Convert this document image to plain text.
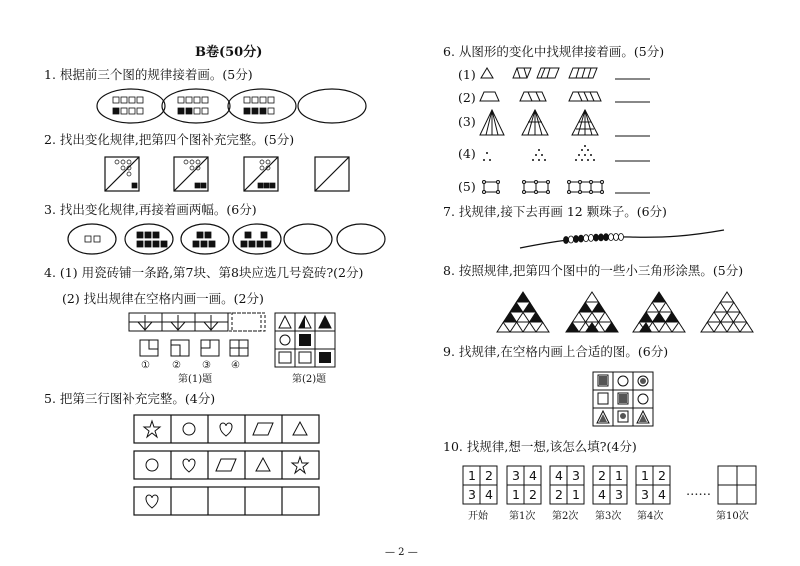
B卷(50分)
1. 根据前三个图的规律接着画。(5分)
2. 找出变化规律,把第四个图补充完整。(5分)
3. 找出变化规律,再接着画两幅。(6分)
4. (1) 用瓷砖铺一条路,第7块、第8块应选几号瓷砖?(2分)
(2) 找出规律在空格内画一画。(2分)
5. 把第三行图补充完整。(4分)
① ② ③ ④
第(1)题	第(2)题
6. 从图形的变化中找规律接着画。(5分)
(1)
(2)
(3)
(4)
(5)
7. 找规律,接下去再画 12 颗珠子。(6分)
8. 按照规律,把第四个图中的一些小三角形涂黑。(5分)
9. 找规律,在空格内画上合适的图。(6分)
10. 找规律,想一想,该怎么填?(4分)
开始 第1次 第2次 第3次 第4次
……
第10次
— 2 —
1 2
3 4
3 4
1 2
4 3
2 1
2 1
4 3
1 2
3 4
